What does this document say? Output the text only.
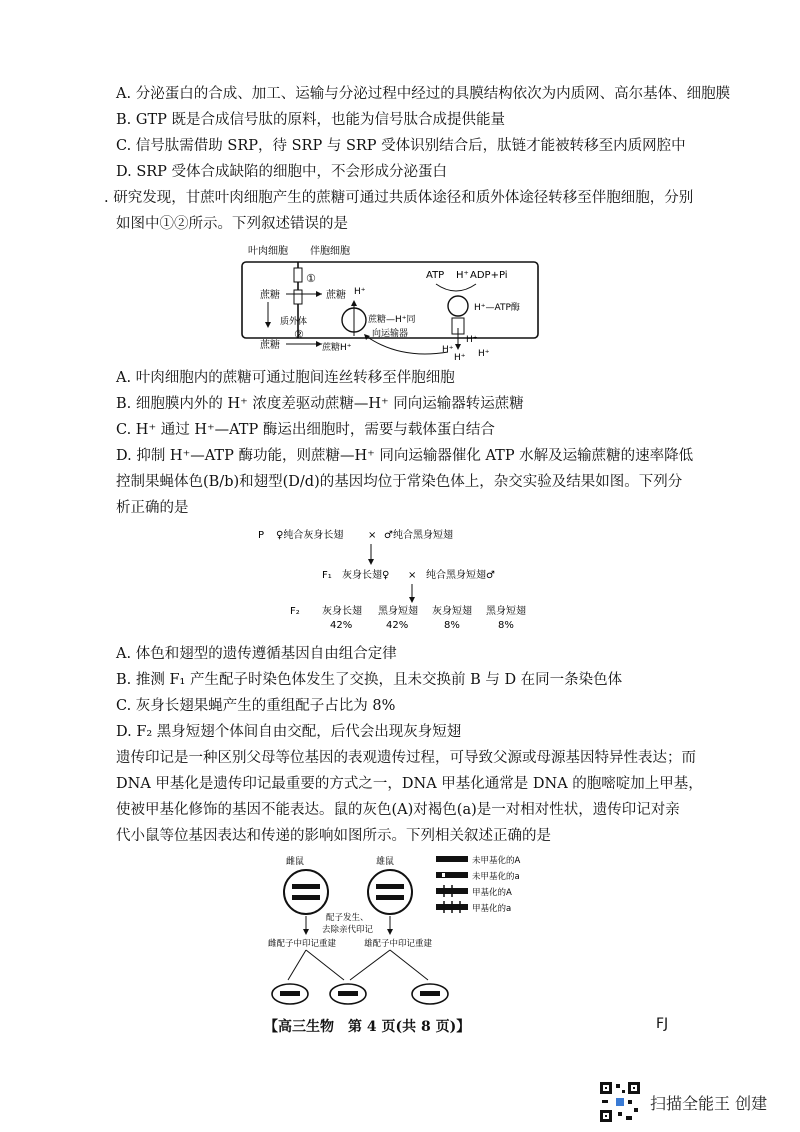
A. 分泌蛋白的合成、加工、运输与分泌过程中经过的具膜结构依次为内质网、高尔基体、细胞膜
B. GTP 既是合成信号肽的原料，也能为信号肽合成提供能量
C. 信号肽需借助 SRP，待 SRP 与 SRP 受体识别结合后，肽链才能被转移至内质网腔中
D. SRP 受体合成缺陷的细胞中，不会形成分泌蛋白
. 研究发现，甘蔗叶肉细胞产生的蔗糖可通过共质体途径和质外体途径转移至伴胞细胞，分别
如图中①②所示。下列叙述错误的是
叶肉细胞 伴胞细胞
①
蔗糖	蔗糖 H⁺
质外体
②
蔗糖	蔗糖H⁺
蔗糖—H⁺同
向运输器
ATP H⁺ ADP+Pi
H⁺—ATP酶
H⁺
H⁺
H⁺ H⁺
A. 叶肉细胞内的蔗糖可通过胞间连丝转移至伴胞细胞
B. 细胞膜内外的 H⁺ 浓度差驱动蔗糖—H⁺ 同向运输器转运蔗糖
C. H⁺ 通过 H⁺—ATP 酶运出细胞时，需要与载体蛋白结合
D. 抑制 H⁺—ATP 酶功能，则蔗糖—H⁺ 同向运输器催化 ATP 水解及运输蔗糖的速率降低
控制果蝇体色(B/b)和翅型(D/d)的基因均位于常染色体上，杂交实验及结果如图。下列分
析正确的是
P ♀纯合灰身长翅 × ♂纯合黑身短翅
F₁ 灰身长翅♀ × 纯合黑身短翅♂
F₂ 灰身长翅
42%
黑身短翅
42%
灰身短翅
8%
黑身短翅
8%
A. 体色和翅型的遗传遵循基因自由组合定律
B. 推测 F₁ 产生配子时染色体发生了交换，且未交换前 B 与 D 在同一条染色体
C. 灰身长翅果蝇产生的重组配子占比为 8%
D. F₂ 黑身短翅个体间自由交配，后代会出现灰身短翅
遗传印记是一种区别父母等位基因的表观遗传过程，可导致父源或母源基因特异性表达；而
DNA 甲基化是遗传印记最重要的方式之一，DNA 甲基化通常是 DNA 的胞嘧啶加上甲基，
使被甲基化修饰的基因不能表达。鼠的灰色(A)对褐色(a)是一对相对性状，遗传印记对亲
代小鼠等位基因表达和传递的影响如图所示。下列相关叙述正确的是
雌鼠	雄鼠
配子发生、
去除亲代印记
雌配子中印记重建	雄配子中印记重建
未甲基化的A
未甲基化的a
甲基化的A
甲基化的a
【高三生物　第 4 页(共 8 页)】	FJ
扫描全能王 创建
